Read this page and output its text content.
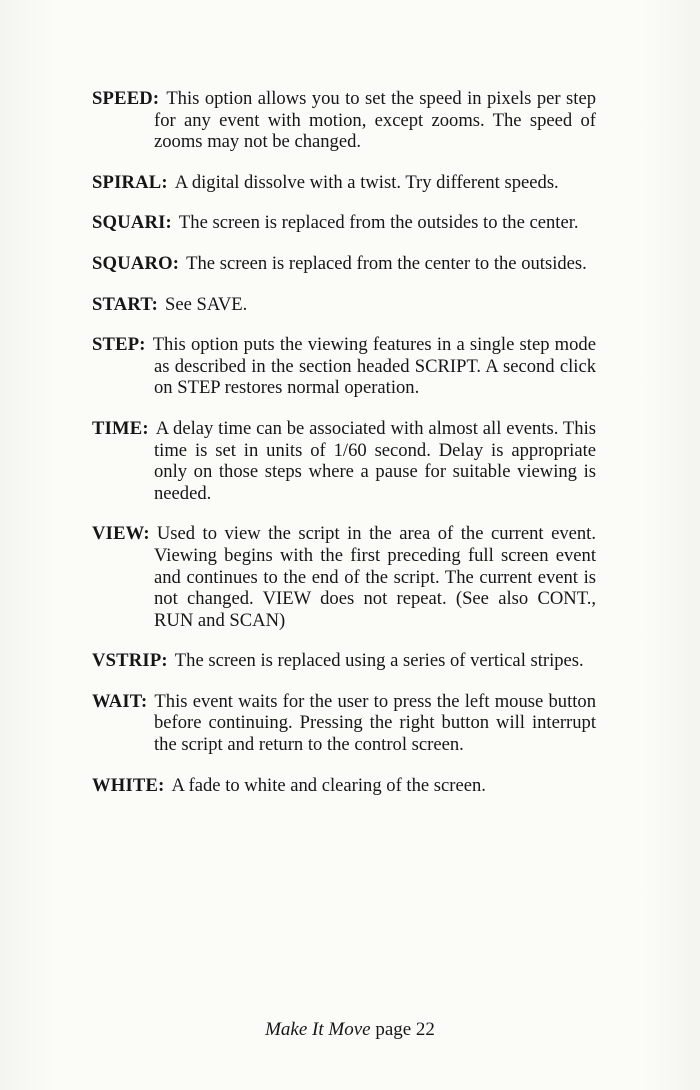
SPEED: This option allows you to set the speed in pixels per step for any event with motion, except zooms. The speed of zooms may not be changed.

SPIRAL: A digital dissolve with a twist. Try different speeds.

SQUARI: The screen is replaced from the outsides to the center.

SQUARO: The screen is replaced from the center to the outsides.

START: See SAVE.

STEP: This option puts the viewing features in a single step mode as described in the section headed SCRIPT. A second click on STEP restores normal operation.

TIME: A delay time can be associated with almost all events. This time is set in units of 1/60 second. Delay is appropriate only on those steps where a pause for suitable viewing is needed.

VIEW: Used to view the script in the area of the current event. Viewing begins with the first preceding full screen event and continues to the end of the script. The current event is not changed. VIEW does not repeat. (See also CONT., RUN and SCAN)

VSTRIP: The screen is replaced using a series of vertical stripes.

WAIT: This event waits for the user to press the left mouse button before continuing. Pressing the right button will interrupt the script and return to the control screen.

WHITE: A fade to white and clearing of the screen.

Make It Move page 22
